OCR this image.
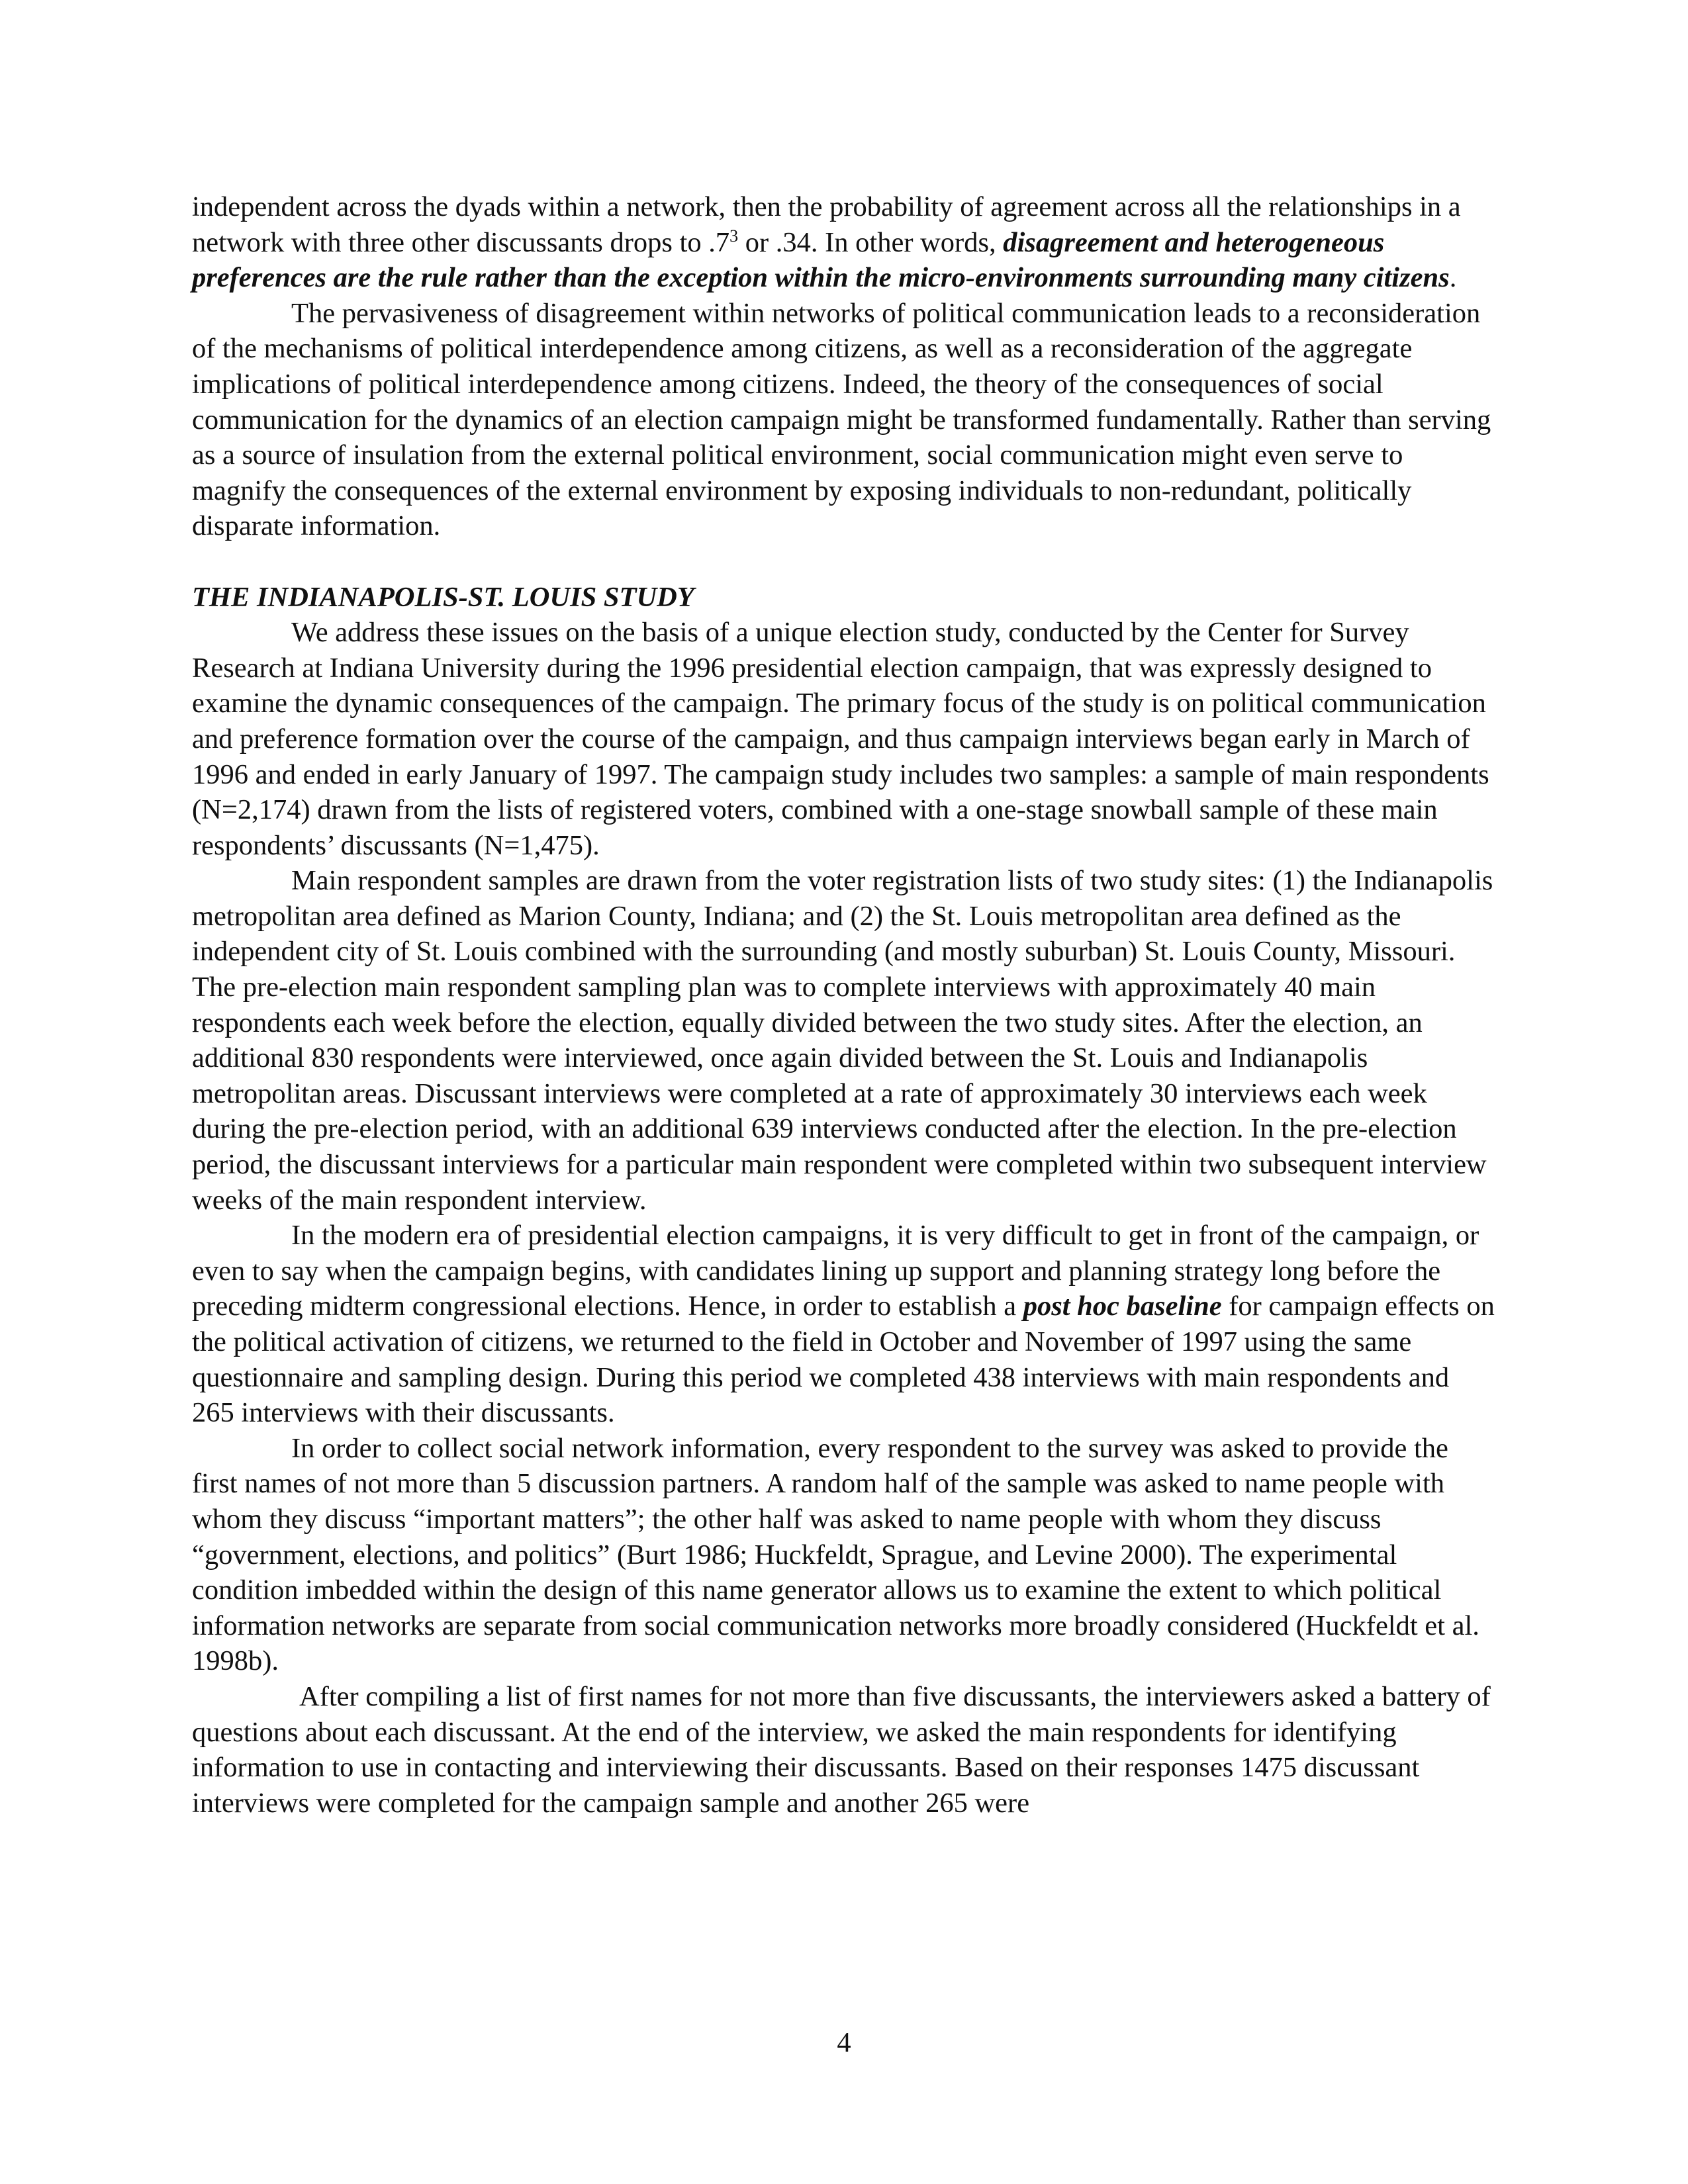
independent across the dyads within a network, then the probability of agreement across all the relationships in a network with three other discussants drops to $.7^3$ or .34. In other words, disagreement and heterogeneous preferences are the rule rather than the exception within the micro-environments surrounding many citizens.

The pervasiveness of disagreement within networks of political communication leads to a reconsideration of the mechanisms of political interdependence among citizens, as well as a reconsideration of the aggregate implications of political interdependence among citizens. Indeed, the theory of the consequences of social communication for the dynamics of an election campaign might be transformed fundamentally. Rather than serving as a source of insulation from the external political environment, social communication might even serve to magnify the consequences of the external environment by exposing individuals to non-redundant, politically disparate information.

THE INDIANAPOLIS-ST. LOUIS STUDY

We address these issues on the basis of a unique election study, conducted by the Center for Survey Research at Indiana University during the 1996 presidential election campaign, that was expressly designed to examine the dynamic consequences of the campaign. The primary focus of the study is on political communication and preference formation over the course of the campaign, and thus campaign interviews began early in March of 1996 and ended in early January of 1997. The campaign study includes two samples: a sample of main respondents (N=2,174) drawn from the lists of registered voters, combined with a one-stage snowball sample of these main respondents’ discussants (N=1,475).

Main respondent samples are drawn from the voter registration lists of two study sites: (1) the Indianapolis metropolitan area defined as Marion County, Indiana; and (2) the St. Louis metropolitan area defined as the independent city of St. Louis combined with the surrounding (and mostly suburban) St. Louis County, Missouri. The pre-election main respondent sampling plan was to complete interviews with approximately 40 main respondents each week before the election, equally divided between the two study sites. After the election, an additional 830 respondents were interviewed, once again divided between the St. Louis and Indianapolis metropolitan areas. Discussant interviews were completed at a rate of approximately 30 interviews each week during the pre-election period, with an additional 639 interviews conducted after the election. In the pre-election period, the discussant interviews for a particular main respondent were completed within two subsequent interview weeks of the main respondent interview.

In the modern era of presidential election campaigns, it is very difficult to get in front of the campaign, or even to say when the campaign begins, with candidates lining up support and planning strategy long before the preceding midterm congressional elections. Hence, in order to establish a post hoc baseline for campaign effects on the political activation of citizens, we returned to the field in October and November of 1997 using the same questionnaire and sampling design. During this period we completed 438 interviews with main respondents and 265 interviews with their discussants.

In order to collect social network information, every respondent to the survey was asked to provide the first names of not more than 5 discussion partners. A random half of the sample was asked to name people with whom they discuss “important matters”; the other half was asked to name people with whom they discuss “government, elections, and politics” (Burt 1986; Huckfeldt, Sprague, and Levine 2000). The experimental condition imbedded within the design of this name generator allows us to examine the extent to which political information networks are separate from social communication networks more broadly considered (Huckfeldt et al. 1998b).

After compiling a list of first names for not more than five discussants, the interviewers asked a battery of questions about each discussant. At the end of the interview, we asked the main respondents for identifying information to use in contacting and interviewing their discussants. Based on their responses 1475 discussant interviews were completed for the campaign sample and another 265 were

4
